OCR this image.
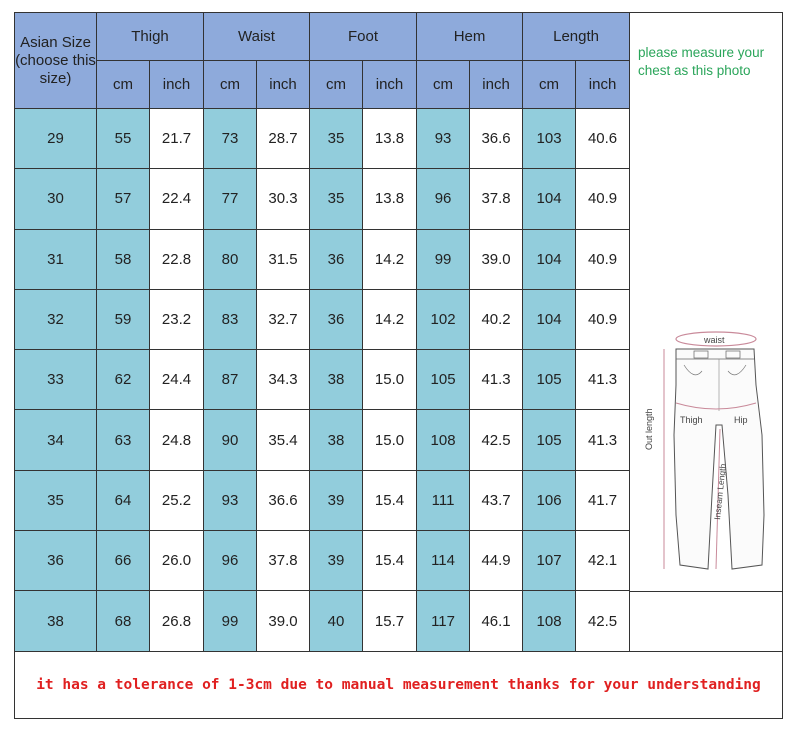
Asian Size (choose this size)	Thigh		Waist		Foot		Hem		Length	
	cm	inch	cm	inch	cm	inch	cm	inch	cm	inch
29	55	21.7	73	28.7	35	13.8	93	36.6	103	40.6
30	57	22.4	77	30.3	35	13.8	96	37.8	104	40.9
31	58	22.8	80	31.5	36	14.2	99	39.0	104	40.9
32	59	23.2	83	32.7	36	14.2	102	40.2	104	40.9
33	62	24.4	87	34.3	38	15.0	105	41.3	105	41.3
34	63	24.8	90	35.4	38	15.0	108	42.5	105	41.3
35	64	25.2	93	36.6	39	15.4	111	43.7	106	41.7
36	66	26.0	96	37.8	39	15.4	114	44.9	107	42.1
38	68	26.8	99	39.0	40	15.7	117	46.1	108	42.5
please measure your chest as this photo
waist
Out length	Hip
Thigh
Inseam Length
it has a tolerance of 1-3cm due to manual measurement thanks for your understanding
